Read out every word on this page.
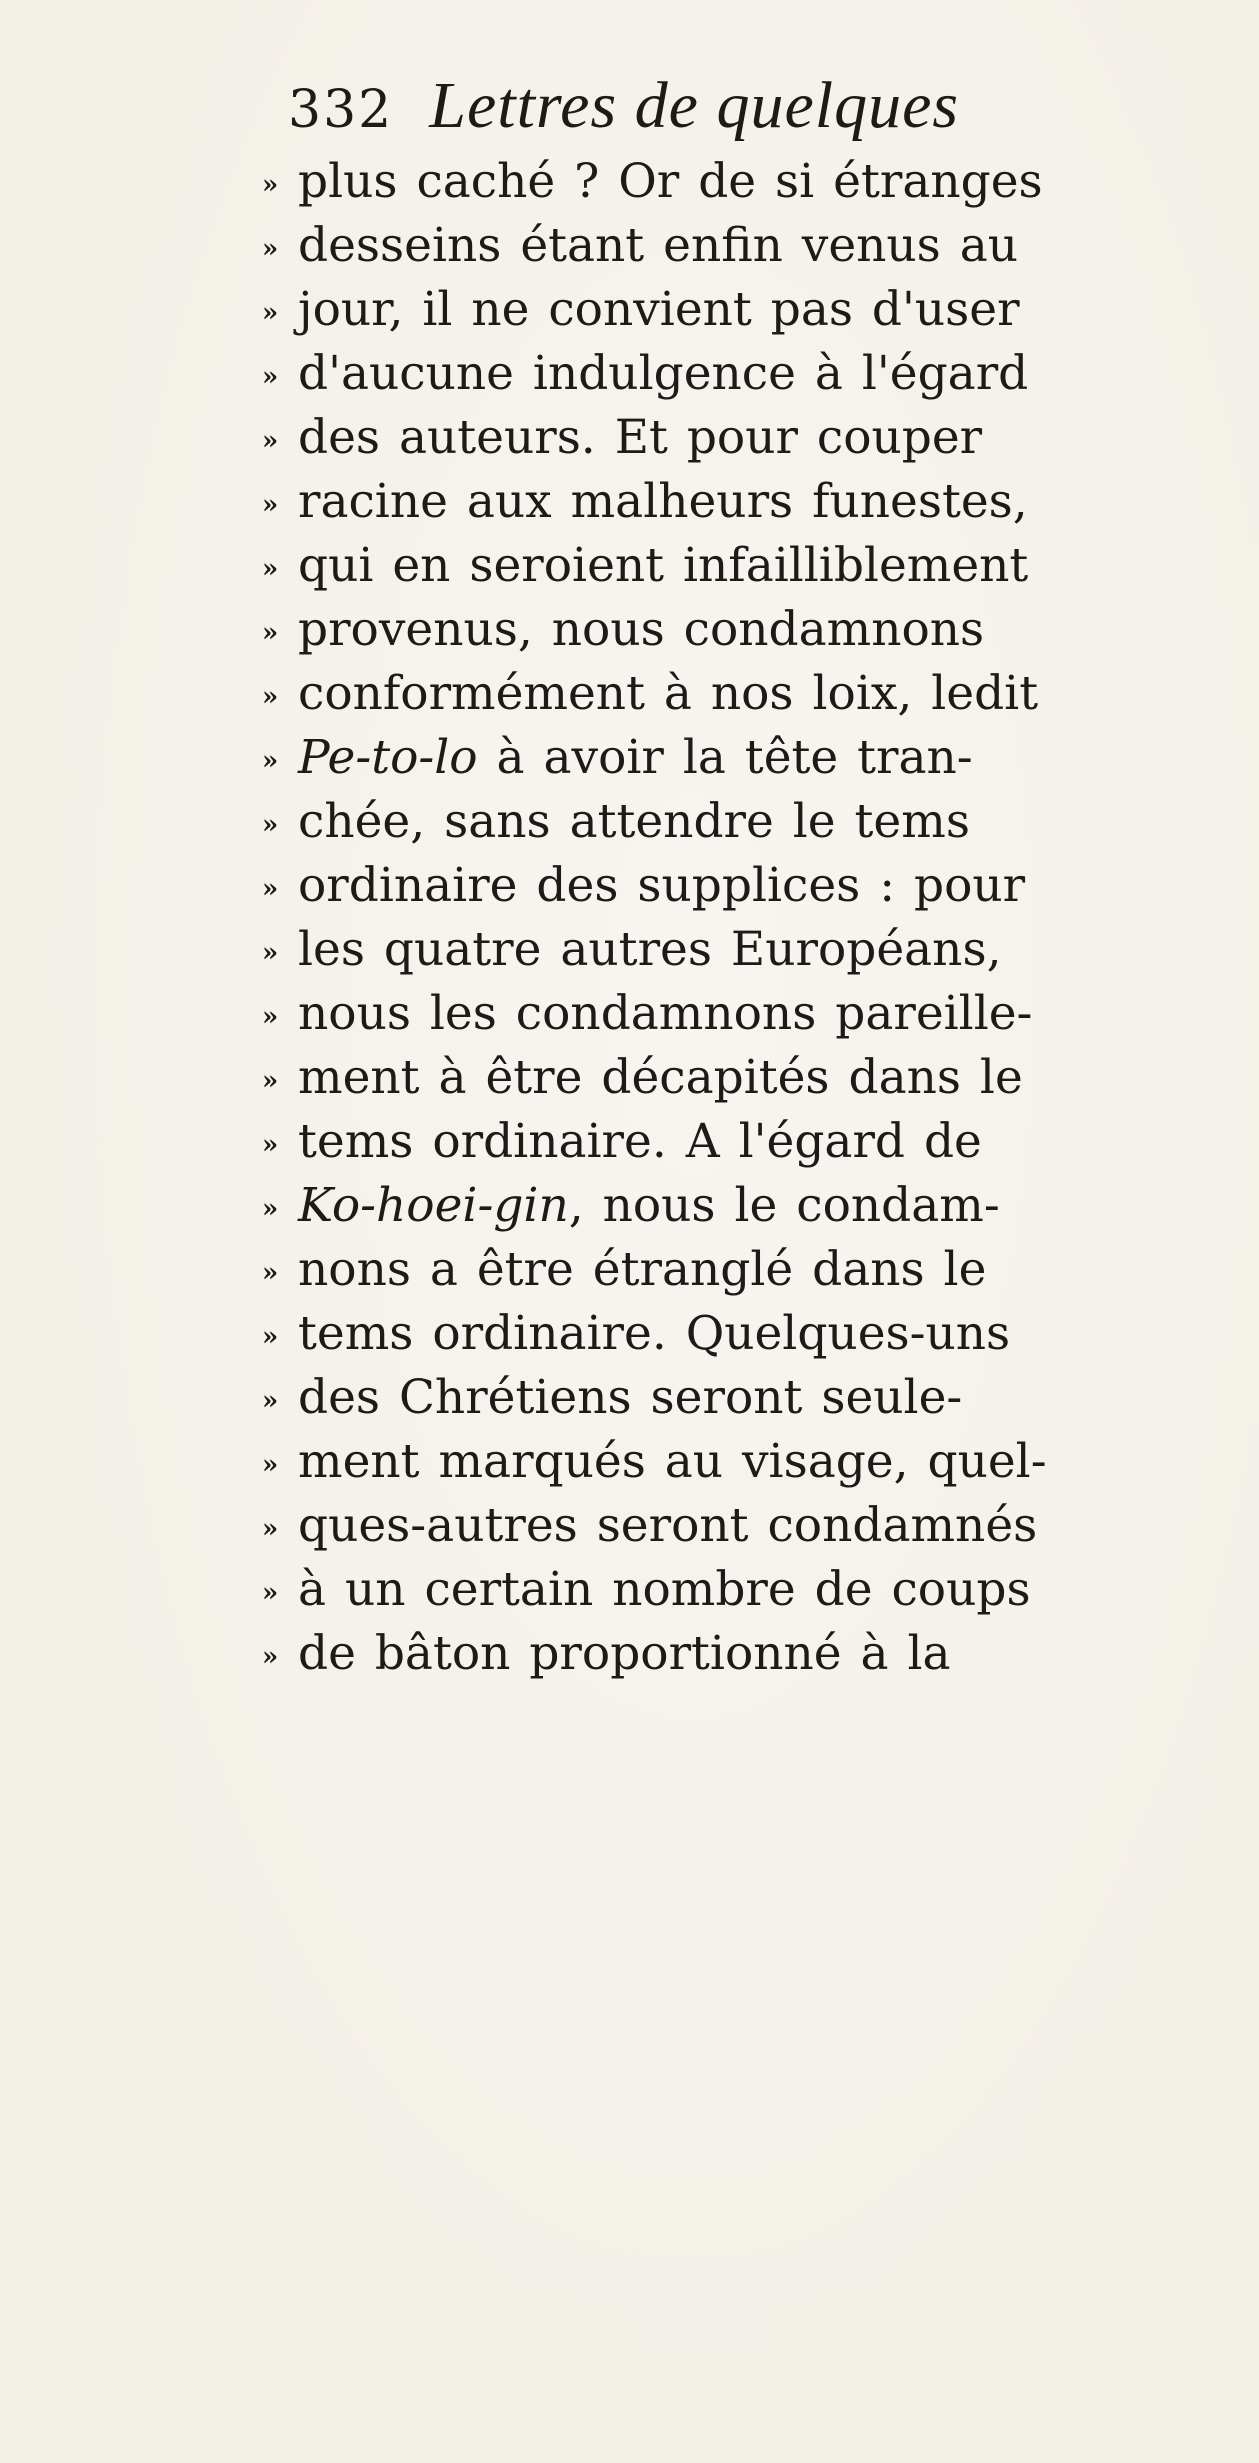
332 Lettres de quelques
» plus caché ? Or de si étranges
» desseins étant enfin venus au
» jour, il ne convient pas d'user
» d'aucune indulgence à l'égard
» des auteurs. Et pour couper
» racine aux malheurs funestes,
» qui en seroient infailliblement
» provenus, nous condamnons
» conformément à nos loix, ledit
» Pe-to-lo à avoir la tête tran-
» chée, sans attendre le tems
» ordinaire des supplices : pour
» les quatre autres Européans,
» nous les condamnons pareille-
» ment à être décapités dans le
» tems ordinaire. A l'égard de
» Ko-hoei-gin, nous le condam-
» nons a être étranglé dans le
» tems ordinaire. Quelques-uns
» des Chrétiens seront seule-
» ment marqués au visage, quel-
» ques-autres seront condamnés
» à un certain nombre de coups
» de bâton proportionné à la
